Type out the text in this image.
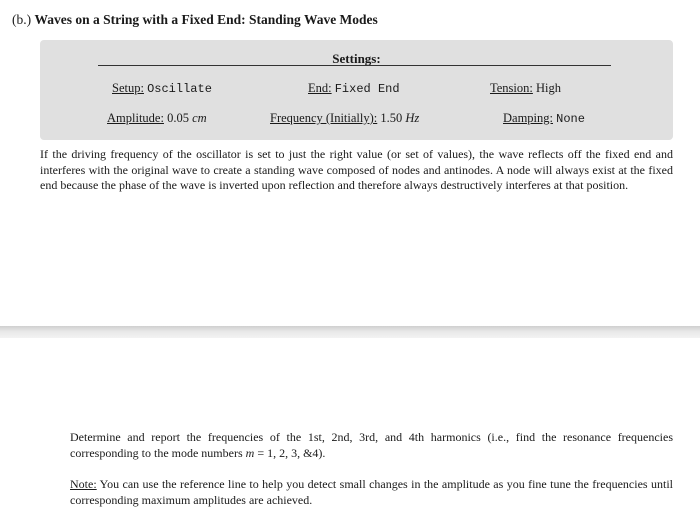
(b.) Waves on a String with a Fixed End: Standing Wave Modes
Settings:
Setup: Oscillate	End: Fixed End	Tension: High
Amplitude: 0.05 cm	Frequency (Initially): 1.50 Hz	Damping: None

If the driving frequency of the oscillator is set to just the right value (or set of values), the wave reflects off the fixed end and interferes with the original wave to create a standing wave composed of nodes and antinodes. A node will always exist at the fixed end because the phase of the wave is inverted upon reflection and therefore always destructively interferes at that position.

Determine and report the frequencies of the 1st, 2nd, 3rd, and 4th harmonics (i.e., find the resonance frequencies corresponding to the mode numbers m = 1, 2, 3, &4).

Note: You can use the reference line to help you detect small changes in the amplitude as you fine tune the frequencies until corresponding maximum amplitudes are achieved.
